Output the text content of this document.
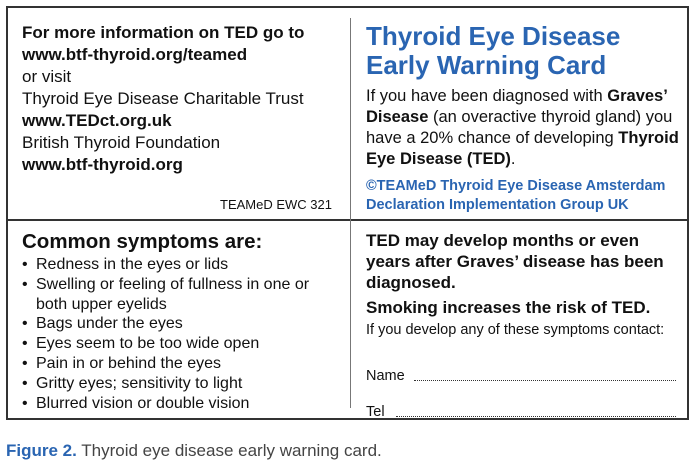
For more information on TED go to
www.btf-thyroid.org/teamed
or visit
Thyroid Eye Disease Charitable Trust
www.TEDct.org.uk
British Thyroid Foundation
www.btf-thyroid.org
TEAMeD EWC 321
Thyroid Eye Disease
Early Warning Card
If you have been diagnosed with Graves’ Disease (an overactive thyroid gland) you have a 20% chance of developing Thyroid Eye Disease (TED).
©TEAMeD Thyroid Eye Disease Amsterdam
Declaration Implementation Group UK
Common symptoms are:
• Redness in the eyes or lids
• Swelling or feeling of fullness in one or both upper eyelids
• Bags under the eyes
• Eyes seem to be too wide open
• Pain in or behind the eyes
• Gritty eyes; sensitivity to light
• Blurred vision or double vision
TED may develop months or even years after Graves’ disease has been diagnosed.
Smoking increases the risk of TED.
If you develop any of these symptoms contact:
Name
Tel
Figure 2. Thyroid eye disease early warning card.
